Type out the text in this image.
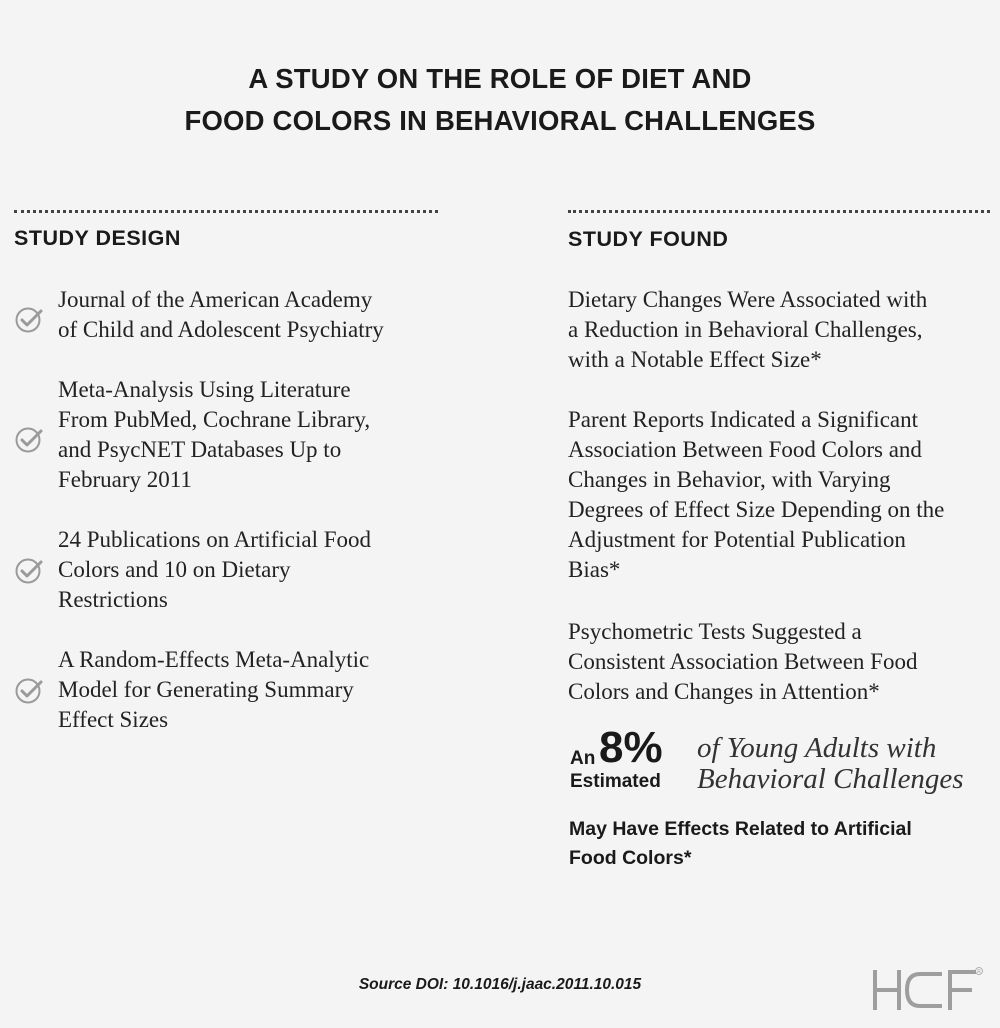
A STUDY ON THE ROLE OF DIET AND
FOOD COLORS IN BEHAVIORAL CHALLENGES
STUDY DESIGN
Journal of the American Academy
of Child and Adolescent Psychiatry
Meta-Analysis Using Literature
From PubMed, Cochrane Library,
and PsycNET Databases Up to
February 2011
24 Publications on Artificial Food
Colors and 10 on Dietary
Restrictions
A Random-Effects Meta-Analytic
Model for Generating Summary
Effect Sizes
STUDY FOUND
Dietary Changes Were Associated with
a Reduction in Behavioral Challenges,
with a Notable Effect Size*
Parent Reports Indicated a Significant
Association Between Food Colors and
Changes in Behavior, with Varying
Degrees of Effect Size Depending on the
Adjustment for Potential Publication
Bias*
Psychometric Tests Suggested a
Consistent Association Between Food
Colors and Changes in Attention*
An 8%
Estimated
of Young Adults with
Behavioral Challenges
May Have Effects Related to Artificial
Food Colors*
Source DOI: 10.1016/j.jaac.2011.10.015
R
